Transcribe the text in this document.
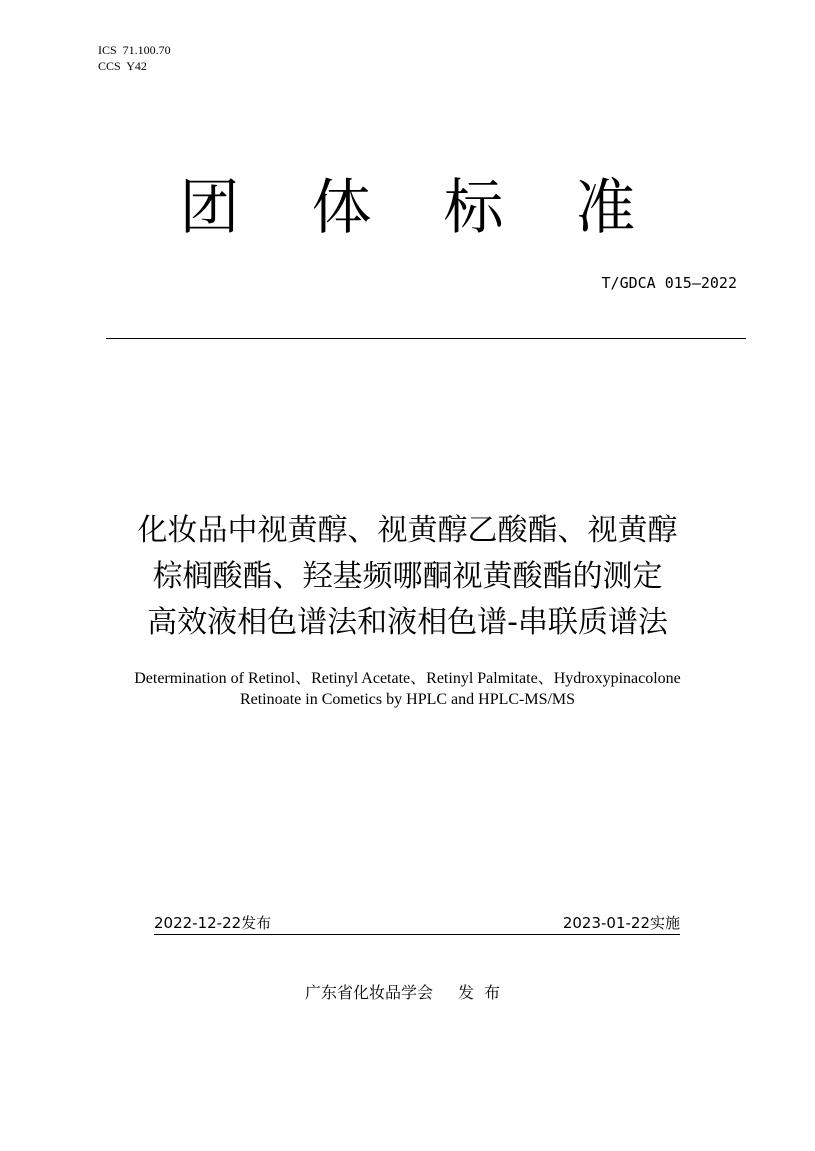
ICS  71.100.70
CCS  Y42
团体标准
T/GDCA 015—2022
化妆品中视黄醇、视黄醇乙酸酯、视黄醇
棕榈酸酯、羟基频哪酮视黄酸酯的测定
高效液相色谱法和液相色谱-串联质谱法
Determination of Retinol、Retinyl Acetate、Retinyl Palmitate、Hydroxypinacolone
Retinoate in Cometics by HPLC and HPLC-MS/MS
2022-12-22发布	2023-01-22实施
广东省化妆品学会 发布
